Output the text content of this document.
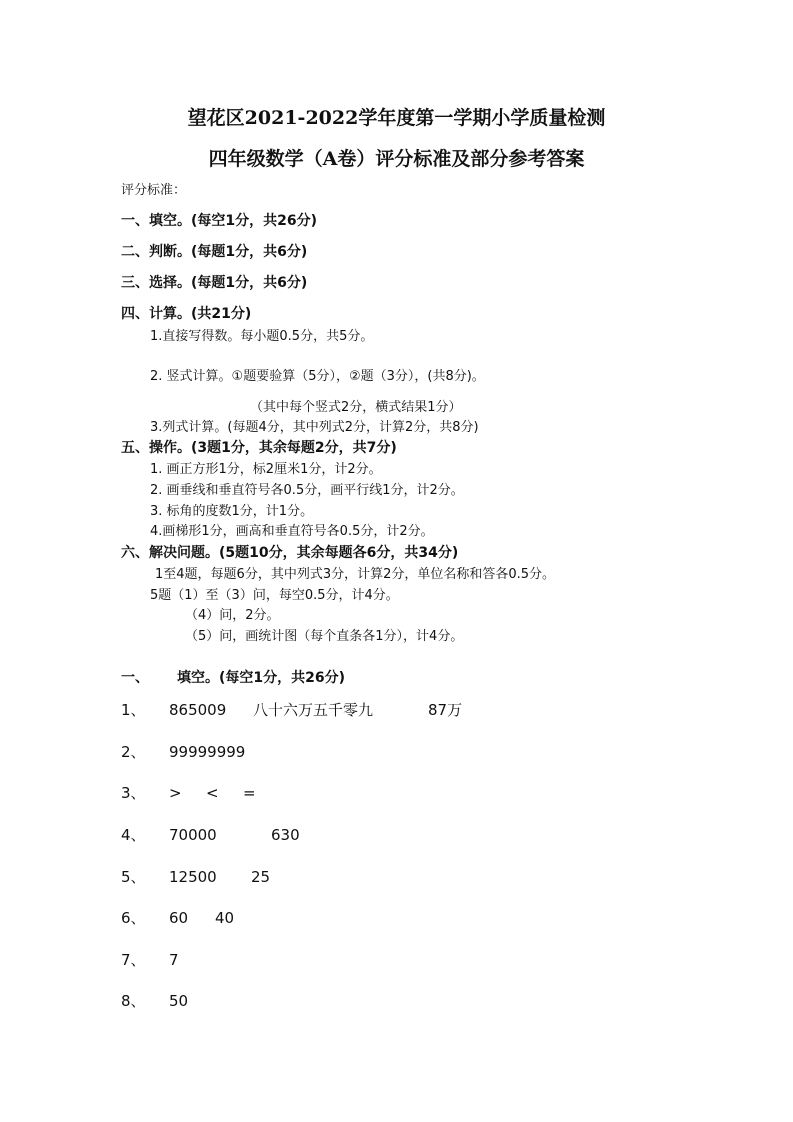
望花区2021-2022学年度第一学期小学质量检测
四年级数学（A卷）评分标准及部分参考答案
评分标准：
一、填空。(每空1分，共26分)
二、判断。(每题1分，共6分)
三、选择。(每题1分，共6分)
四、计算。(共21分)
1.直接写得数。每小题0.5分，共5分。
2. 竖式计算。①题要验算（5分），②题（3分），(共8分)。
（其中每个竖式2分，横式结果1分）
3.列式计算。(每题4分，其中列式2分，计算2分，共8分)
五、操作。(3题1分，其余每题2分，共7分)
1. 画正方形1分，标2厘米1分，计2分。
2. 画垂线和垂直符号各0.5分，画平行线1分，计2分。
3. 标角的度数1分，计1分。
4.画梯形1分，画高和垂直符号各0.5分，计2分。
六、解决问题。(5题10分，其余每题各6分，共34分)
1至4题，每题6分，其中列式3分，计算2分，单位名称和答各0.5分。
5题（1）至（3）问，每空0.5分，计4分。
（4）问，2分。
（5）问，画统计图（每个直条各1分），计4分。
一、 填空。(每空1分，共26分)
1、 865009 八十六万五千零九	87万
2、 99999999
3、 > < =
4、 70000	630
5、 12500 25
6、 60 40
7、 7
8、 50
